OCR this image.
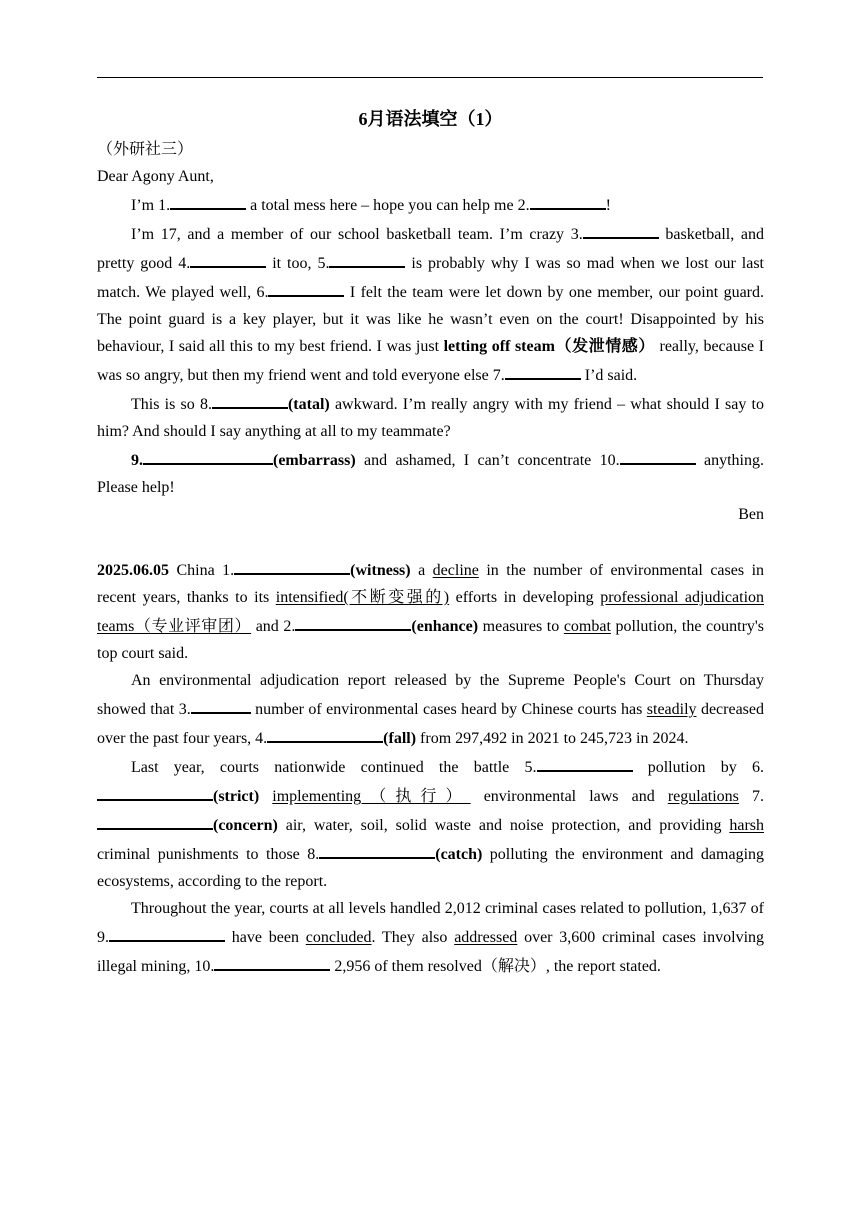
6月语法填空（1）

（外研社三）

Dear Agony Aunt,

I’m 1.	a total mess here – hope you can help me 2.	!

I’m 17, and a member of our school basketball team. I’m crazy 3.	basketball, and pretty good 4.	it too, 5.	is probably why I was so mad when we lost our last match. We played well, 6.	I felt the team were let down by one member, our point guard. The point guard is a key player, but it was like he wasn’t even on the court! Disappointed by his behaviour, I said all this to my best friend. I was just letting off steam（发泄情感） really, because I was so angry, but then my friend went and told everyone else 7.	I’d said.

This is so 8.	(tatal) awkward. I’m really angry with my friend – what should I say to him? And should I say anything at all to my teammate?

9.	(embarrass) and ashamed, I can’t concentrate 10.	anything. Please help!

Ben

2025.06.05 China 1.	(witness) a decline in the number of environmental cases in recent years, thanks to its intensified(不断变强的) efforts in developing professional adjudication teams（专业评审团） and 2.	(enhance) measures to combat pollution, the country's top court said.

An environmental adjudication report released by the Supreme People's Court on Thursday showed that 3.	number of environmental cases heard by Chinese courts has steadily decreased over the past four years, 4.	(fall) from 297,492 in 2021 to 245,723 in 2024.

Last year, courts nationwide continued the battle 5.	pollution by 6.(strict) implementing（执行） environmental laws and regulations 7.(concern) air, water, soil, solid waste and noise protection, and providing harsh criminal punishments to those 8.	(catch) polluting the environment and damaging ecosystems, according to the report.

Throughout the year, courts at all levels handled 2,012 criminal cases related to pollution, 1,637 of 9.	have been concluded. They also addressed over 3,600 criminal cases involving illegal mining, 10.	2,956 of them resolved（解决）, the report stated.
